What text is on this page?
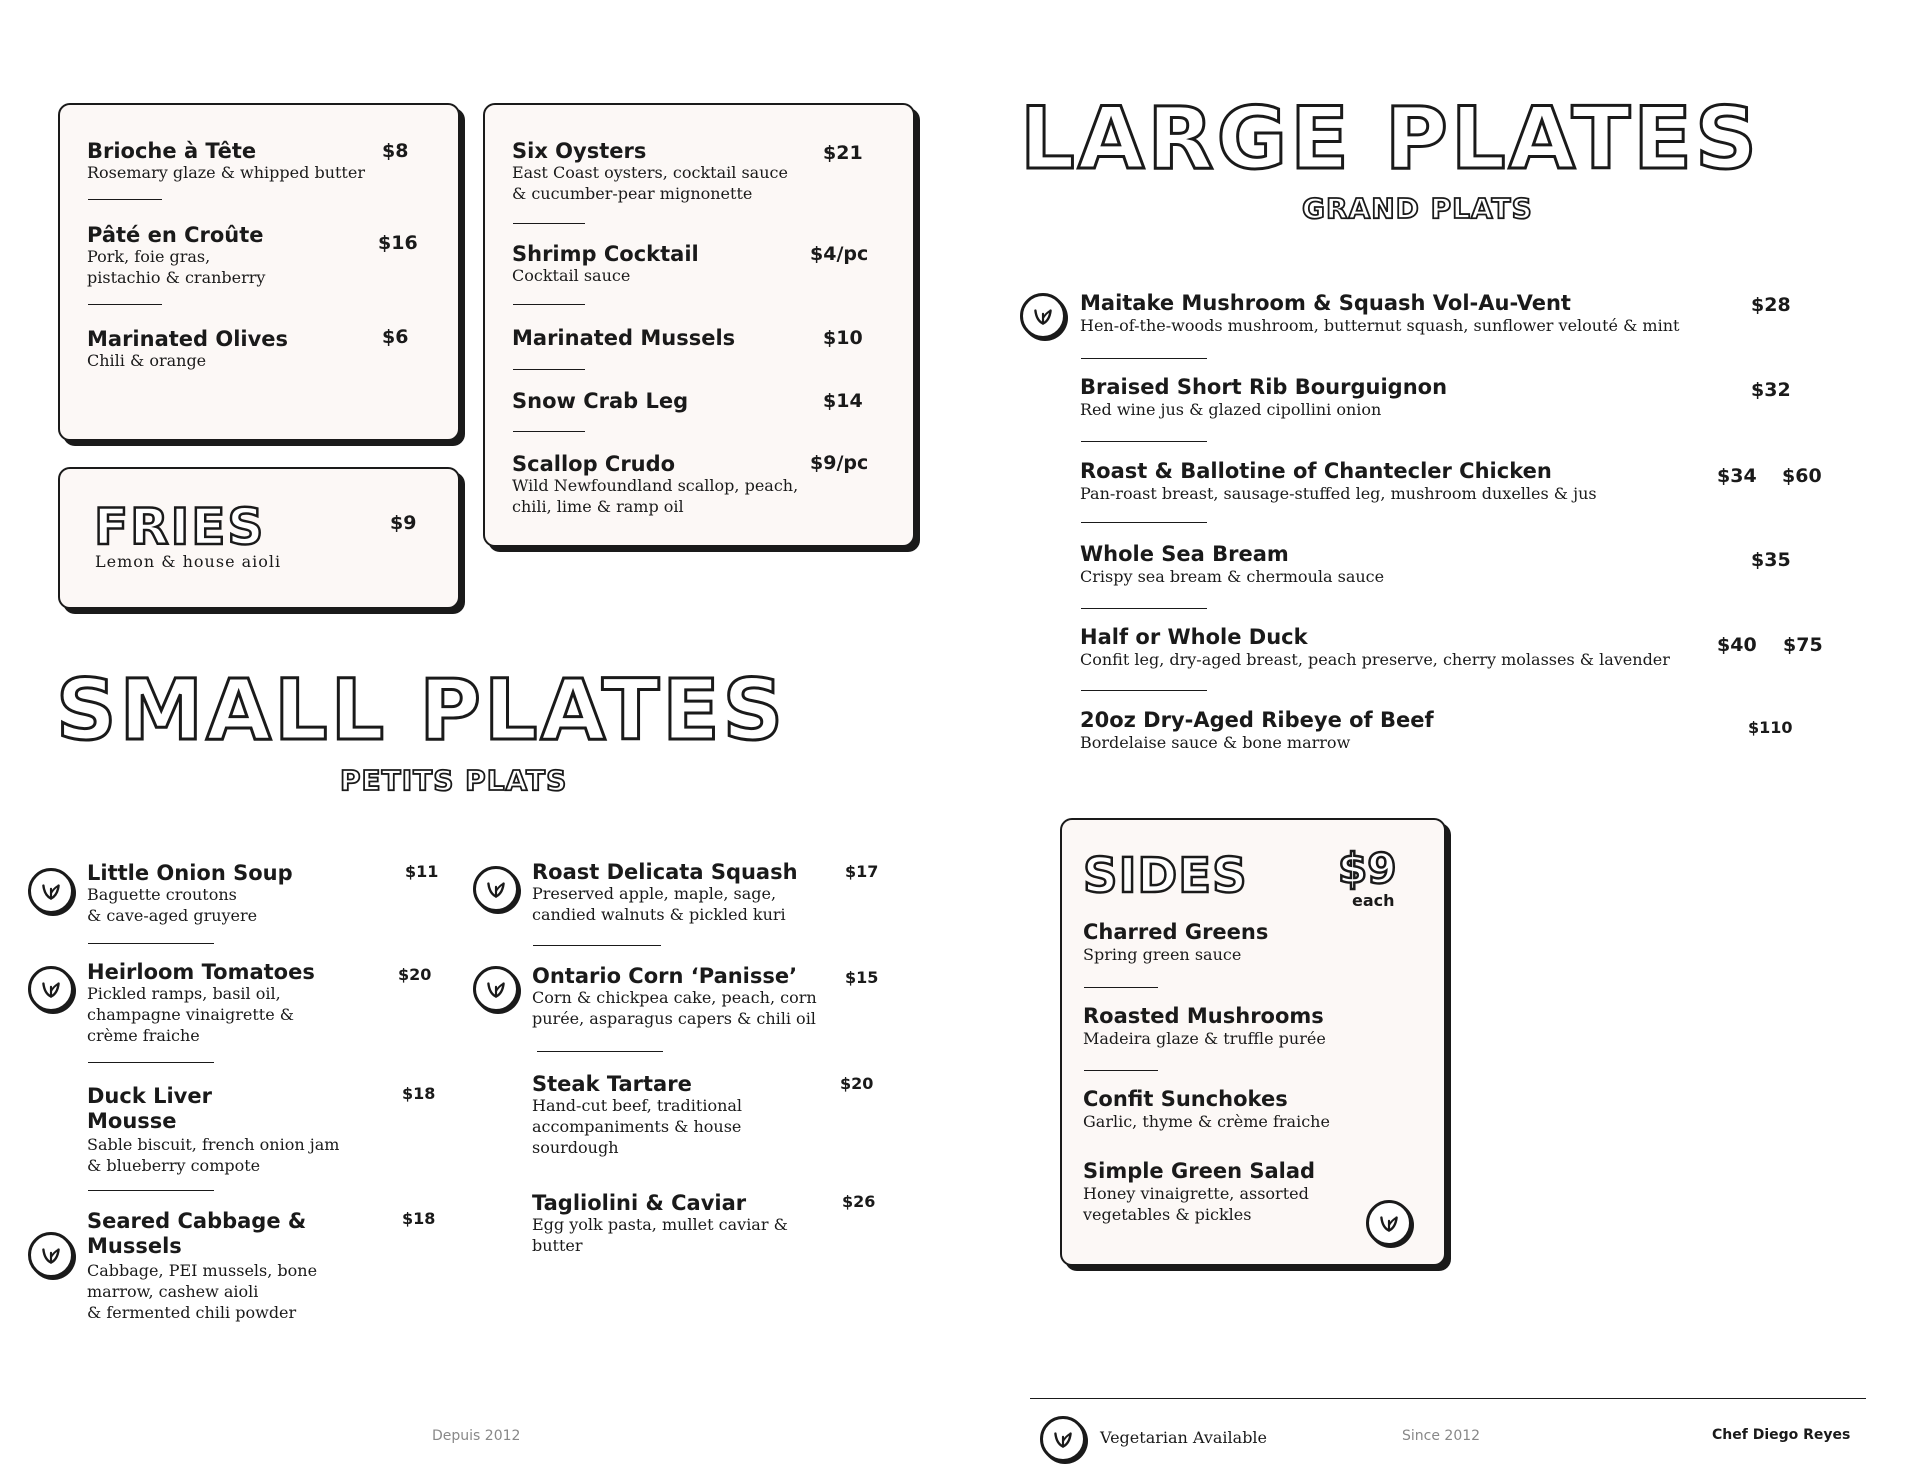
Brioche à Tête
Rosemary glaze & whipped butter
$8
Pâté en Croûte
Pork, foie gras,
pistachio & cranberry
$16
Marinated Olives
Chili & orange
$6
FRIES
Lemon & house aioli
$9
Six Oysters
East Coast oysters, cocktail sauce
& cucumber-pear mignonette
$21
Shrimp Cocktail
Cocktail sauce
$4/pc
Marinated Mussels	$10
Snow Crab Leg	$14
Scallop Crudo
Wild Newfoundland scallop, peach,
chili, lime & ramp oil
$9/pc
SMALL PLATES
PETITS PLATS
Little Onion Soup
Baguette croutons
& cave-aged gruyere
$11
Heirloom Tomatoes
Pickled ramps, basil oil,
champagne vinaigrette &
crème fraiche
$20
Duck Liver Mousse
Sable biscuit, french onion jam
& blueberry compote
$18
Seared Cabbage & Mussels
Cabbage, PEI mussels, bone
marrow, cashew aioli
& fermented chili powder
$18
Roast Delicata Squash
Preserved apple, maple, sage,
candied walnuts & pickled kuri
$17
Ontario Corn ‘Panisse’
Corn & chickpea cake, peach, corn
purée, asparagus capers & chili oil
$15
Steak Tartare
Hand-cut beef, traditional
accompaniments & house
sourdough
$20
Tagliolini & Caviar
Egg yolk pasta, mullet caviar &
butter
$26
LARGE PLATES
GRAND PLATS
Maitake Mushroom & Squash Vol-Au-Vent
Hen-of-the-woods mushroom, butternut squash, sunflower velouté & mint
$28
Braised Short Rib Bourguignon
Red wine jus & glazed cipollini onion
$32
Roast & Ballotine of Chantecler Chicken
Pan-roast breast, sausage-stuffed leg, mushroom duxelles & jus
$34 $60
Whole Sea Bream
Crispy sea bream & chermoula sauce
$35
Half or Whole Duck
Confit leg, dry-aged breast, peach preserve, cherry molasses & lavender
$40 $75
20oz Dry-Aged Ribeye of Beef
Bordelaise sauce & bone marrow
$110
SIDES $9
each
Charred Greens
Spring green sauce
Roasted Mushrooms
Madeira glaze & truffle purée
Confit Sunchokes
Garlic, thyme & crème fraiche
Simple Green Salad
Honey vinaigrette, assorted
vegetables & pickles
Depuis 2012	Vegetarian Available	Since 2012	Chef Diego Reyes
